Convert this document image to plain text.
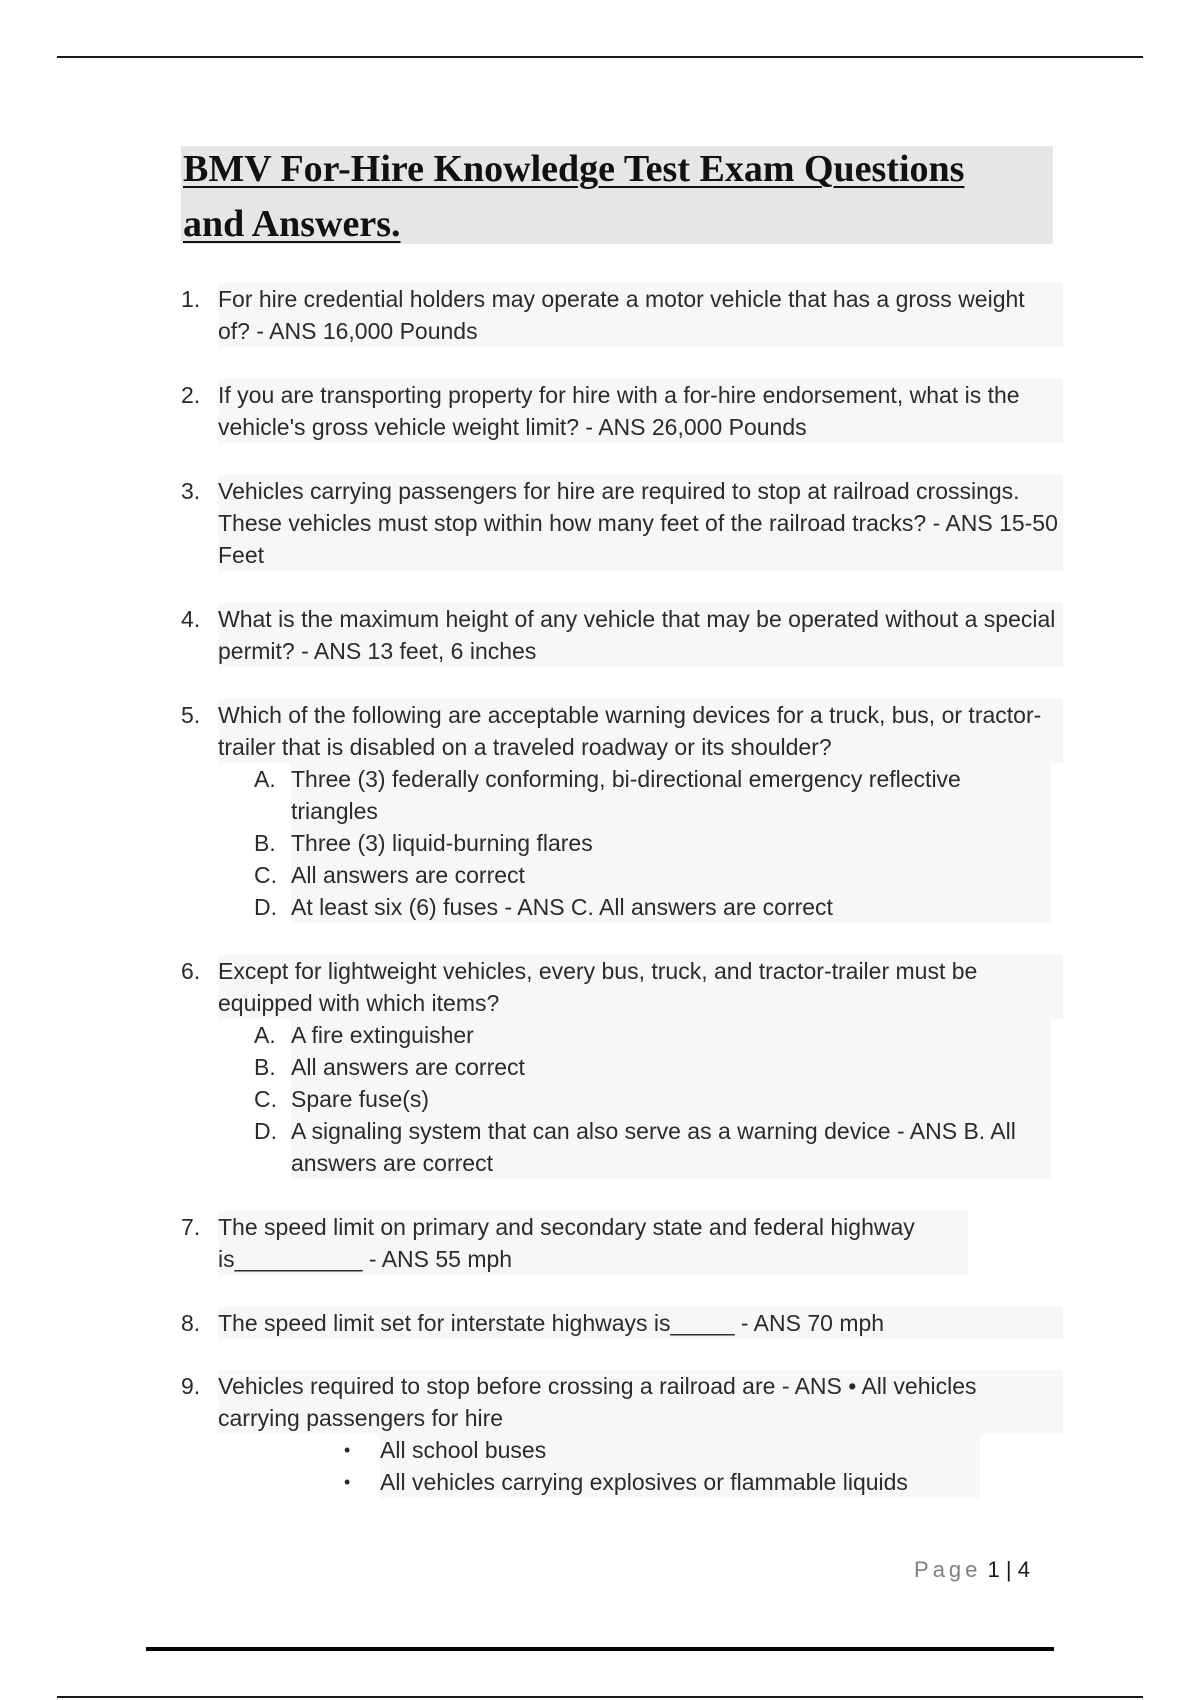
BMV For-Hire Knowledge Test Exam Questions
and Answers.
1. For hire credential holders may operate a motor vehicle that has a gross weight of? - ANS 16,000 Pounds
2. If you are transporting property for hire with a for-hire endorsement, what is the vehicle's gross vehicle weight limit? - ANS 26,000 Pounds
3. Vehicles carrying passengers for hire are required to stop at railroad crossings. These vehicles must stop within how many feet of the railroad tracks? - ANS 15-50 Feet
4. What is the maximum height of any vehicle that may be operated without a special permit? - ANS 13 feet, 6 inches
5. Which of the following are acceptable warning devices for a truck, bus, or tractor-trailer that is disabled on a traveled roadway or its shoulder?
A. Three (3) federally conforming, bi-directional emergency reflective triangles
B. Three (3) liquid-burning flares
C. All answers are correct
D. At least six (6) fuses - ANS C. All answers are correct
6. Except for lightweight vehicles, every bus, truck, and tractor-trailer must be equipped with which items?
A. A fire extinguisher
B. All answers are correct
C. Spare fuse(s)
D. A signaling system that can also serve as a warning device - ANS B. All answers are correct
7. The speed limit on primary and secondary state and federal highway is__________ - ANS 55 mph
8. The speed limit set for interstate highways is_____ - ANS 70 mph
9. Vehicles required to stop before crossing a railroad are - ANS • All vehicles carrying passengers for hire
•	All school buses
•	All vehicles carrying explosives or flammable liquids
Page 1 | 4
